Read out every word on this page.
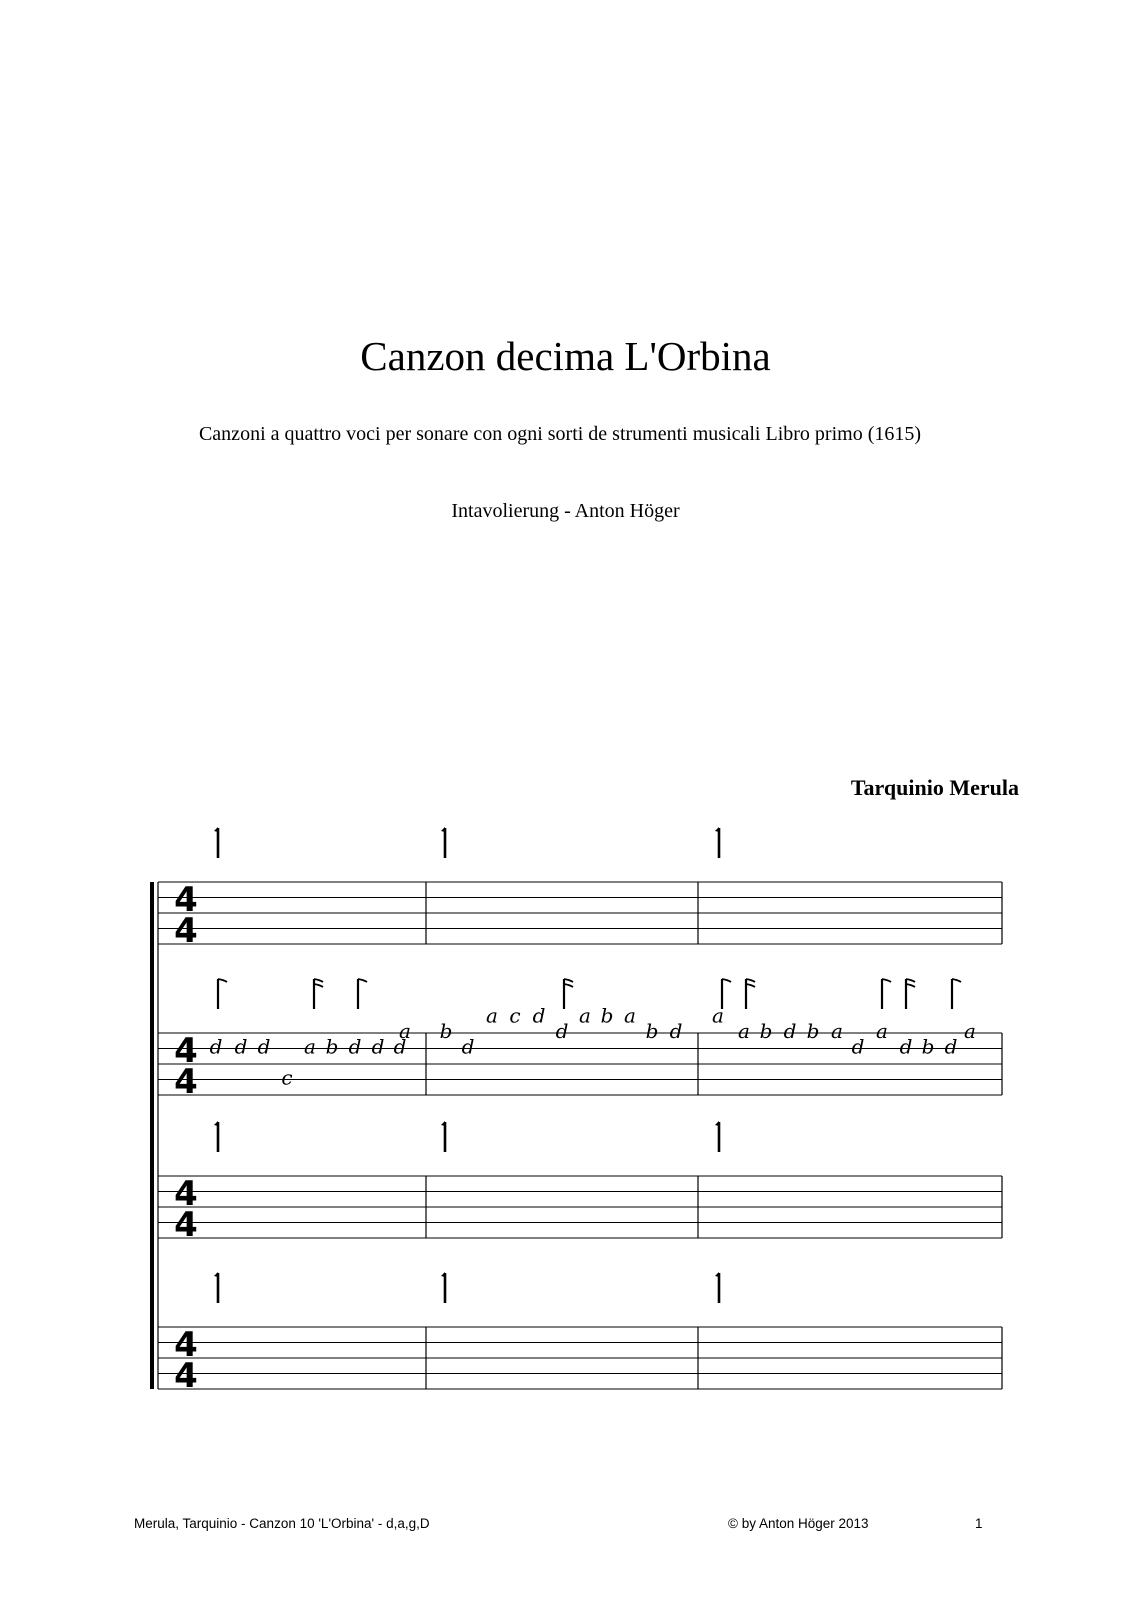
Canzon decima L'Orbina
Canzoni a quattro voci per sonare con ogni sorti de strumenti musicali Libro primo (1615)
Intavolierung - Anton Höger
Tarquinio Merula
4
4
4
4
d d d
c
a b d d d
a b
d
a c d
d
a b a
b d
a
a b d b a
d
a
d b d
a
4
4
4
4
Merula, Tarquinio - Canzon 10 'L'Orbina' - d,a,g,D	© by Anton Höger 2013	1
